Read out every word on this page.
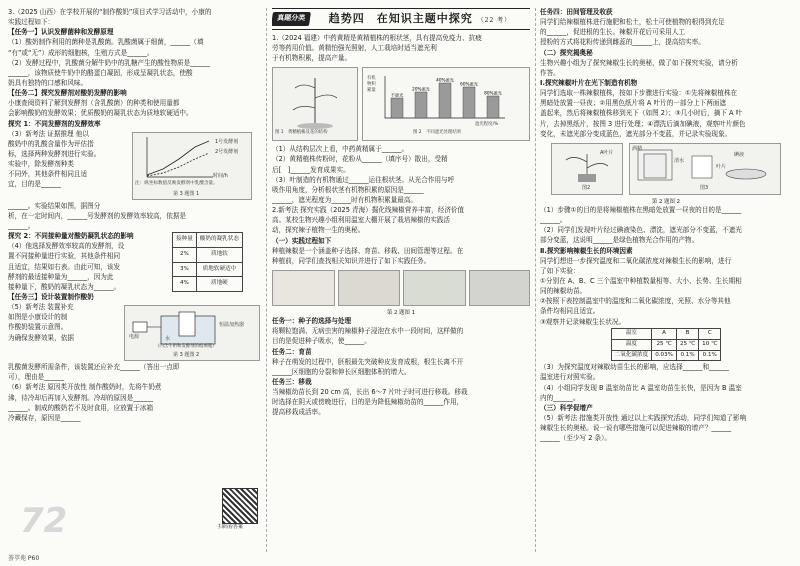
3.（2025 山西）在学校开展的“制作酸奶”项目式学习活动中，小康的
实践过程如下：
【任务一】认识发酵菌种和发酵原理
（1）酸奶制作利用的菌种是乳酸菌。乳酸菌属于细菌，______（填
“有”或“无”）成形的细胞核，生殖方式是______。
（2）发酵过程中，乳酸菌分解牛奶中的乳糖产生的酸性物质是______
______，该物质使牛奶中的酪蛋白凝固，形成呈凝乳状态，使酸
奶具有独特的口感和风味。
【任务二】探究发酵剂对酸奶发酵的影响
小康查阅资料了解到发酵剂（含乳酸菌）的种类和使用量都
会影响酸奶的发酵效果；优质酸奶的凝乳状态为质地软硬适中。
探究 1：不同发酵剂的发酵效率
（3）新考法 证据推理 他以
酸奶中的乳酸含量作为评估指
标，选择两种发酵剂进行实验。
实验中，除发酵剂种类
不同外，其他条件相同且适
宜，目的是______
1号发酵剂
2号发酵剂
时间/h
注：纵坐标数值反映发酵剂中乳酸含量。
第 3 题图 1
______。实验结果如图，据图分
析，在一定时间内，______号发酵剂的发酵效率较高，依据是
______。
探究 2：不同接种量对酸奶凝乳状态的影响
（4）他选择发酵效率较高的发酵剂，设
置不同接种量进行实验，其他条件相同
且适宜，结果如右表。由此可知，该发
酵剂的最适接种量为______，因为此
接种量下，酸奶的凝乳状态为______。
接种量	酸奶的凝乳状态
2%	质地软
3%	质地软硬适中
4%	质地硬
【任务三】设计装置制作酸奶
（5）新考法 装置补充
如图是小康设计的制
作酸奶装置示意图。
为确保发酵效果，依据	电源
恒温加热器
水
（内含牛奶和发酵剂的玻璃瓶）
第 3 题图 2
乳酸菌发酵所需条件，该装置还应补充______（答出一点即
可），理由是______
（6）新考法 原因类开放性 制作酸奶时，先将牛奶煮
沸，待冷却后再加入发酵剂。冷却的原因是______
______。制成的酸奶若不及时食用，应放置于冰箱
冷藏保存，原因是______
扫码看答案
72
荟萃苑 P60
真题分类	趋势四　在知识主题中探究 （22 考）
1.（2024 福建）中药黄精是黄精植株的根状茎，具有提高免疫力、抗疲
劳等药用价值。黄精怕强光照射，人工栽培时适当遮光利
于有机物积累，提高产量。
图 1　黄精植株及花的结构
不遮光
20%遮光
40%遮光
60%遮光
80%遮光
有机物积累量
遮光程度/%
图 2　不同遮光处理结果
（1）从结构层次上看，中药黄精属于______。
（2）黄精植株传粉时，花粉从______（填序号）散出，受精
后[　]______发育成果实。
（3）叶制造的有机物通过______运往根状茎。从光合作用与呼
吸作用角度，分析根状茎有机物积累的原因是______
______，遮光程度为______时有机物积累量最高。
2.新考法 探究实践（2025 青海）掘化线辣椒营养丰富，经济价值
高。某校生物兴趣小组利用温室大棚开展了栽培辣椒的实践活
动，探究辣子植物一生的奥秘。
（一）实践过程如下
种植辣椒是一个涵盖种子选择、育苗、移栽、田间管理等过程。在
种植前，同学们查找相关知识并进行了如下实践任务。
第 2 题图 1
任务一：种子的选择与处理
将颗粒饱满、无病虫害的辣椒种子浸泡在水中一段时间，这样做的
目的是促进种子吸水，使______。
任务二：育苗
种子在萌发的过程中，胚根最先突破种皮发育成根，根生长离不开
______区细胞的分裂和伸长区细胞体积的增大。
任务三：移栽
当辣椒幼苗长到 20 cm 高，长出 6～7 片叶子时可进行移栽。移栽
时选择在阴天或傍晚进行，目的是为降低辣椒幼苗的______作用，
提高移栽成活率。
任务四：田间管理及收获
同学们给辣椒植株进行施肥和松土，松土可使植物的根得到充足
的______，促进根的生长。辣椒开花后可采用人工
授粉的方式将花粉传递到雌蕊的______上，提高结实率。
（二）探究揭奥秘
生物兴趣小组为了探究辣椒生长的奥秘，做了如下探究实验，请分析
作答。
Ⅰ.探究辣椒叶片在光下制造有机物
同学们选取一株辣椒植株，按如下步骤进行实验：①先将辣椒植株在
黑暗处放置一昼夜；②用黑色纸片将 A 叶片的一部分上下两面遮
盖起来，然后将辣椒植株移到光下（如图 2）；③几小时后，摘下 A 叶
片，去掉黑纸片，按图 3 进行处理；④漂洗后滴加碘液，观察叶片颜色
变化，未遮光部分变成蓝色，遮光部分不变蓝，并记录实验现象。
A叶片
图2
酒精
清水
叶片
碘液
图3
第 2 题图 2
（1）步骤①的目的是将辣椒植株在黑暗处放置一昼夜的目的是______
______。
（2）同学们发现叶片经过碘液染色、漂洗，遮光部分不变蓝，不遮光
部分变蓝，这说明______是绿色植物光合作用的产物。
Ⅱ.探究影响辣椒生长的环境因素
同学们想进一步探究温度和二氧化碳浓度对辣椒生长的影响，进行
了如下实验：
①分别在 A、B、C 三个温室中种植数量相等、大小、长势、生长期相
同的辣椒幼苗。
②按照下表控制温室中的温度和二氧化碳浓度，光照、水分等其他
条件均相同且适宜。
③观察并记录辣椒生长状况。
温室	A	B	C
温度	25 ℃	25 ℃	10 ℃
二氧化碳浓度	0.03%	0.1%	0.1%
（3）为探究温度对辣椒幼苗生长的影响，应选择______和______
温室进行对照实验。
（4）小组同学发现 B 温室幼苗比 A 温室幼苗生长快，是因为 B 温室
内的______。
（三）科学促增产
（5）新考法 措施类开放性 通过以上实践探究活动，同学们知道了影响
辣椒生长的奥秘。说一说有哪些措施可以促进辣椒的增产？______
______（至少写 2 条）。
